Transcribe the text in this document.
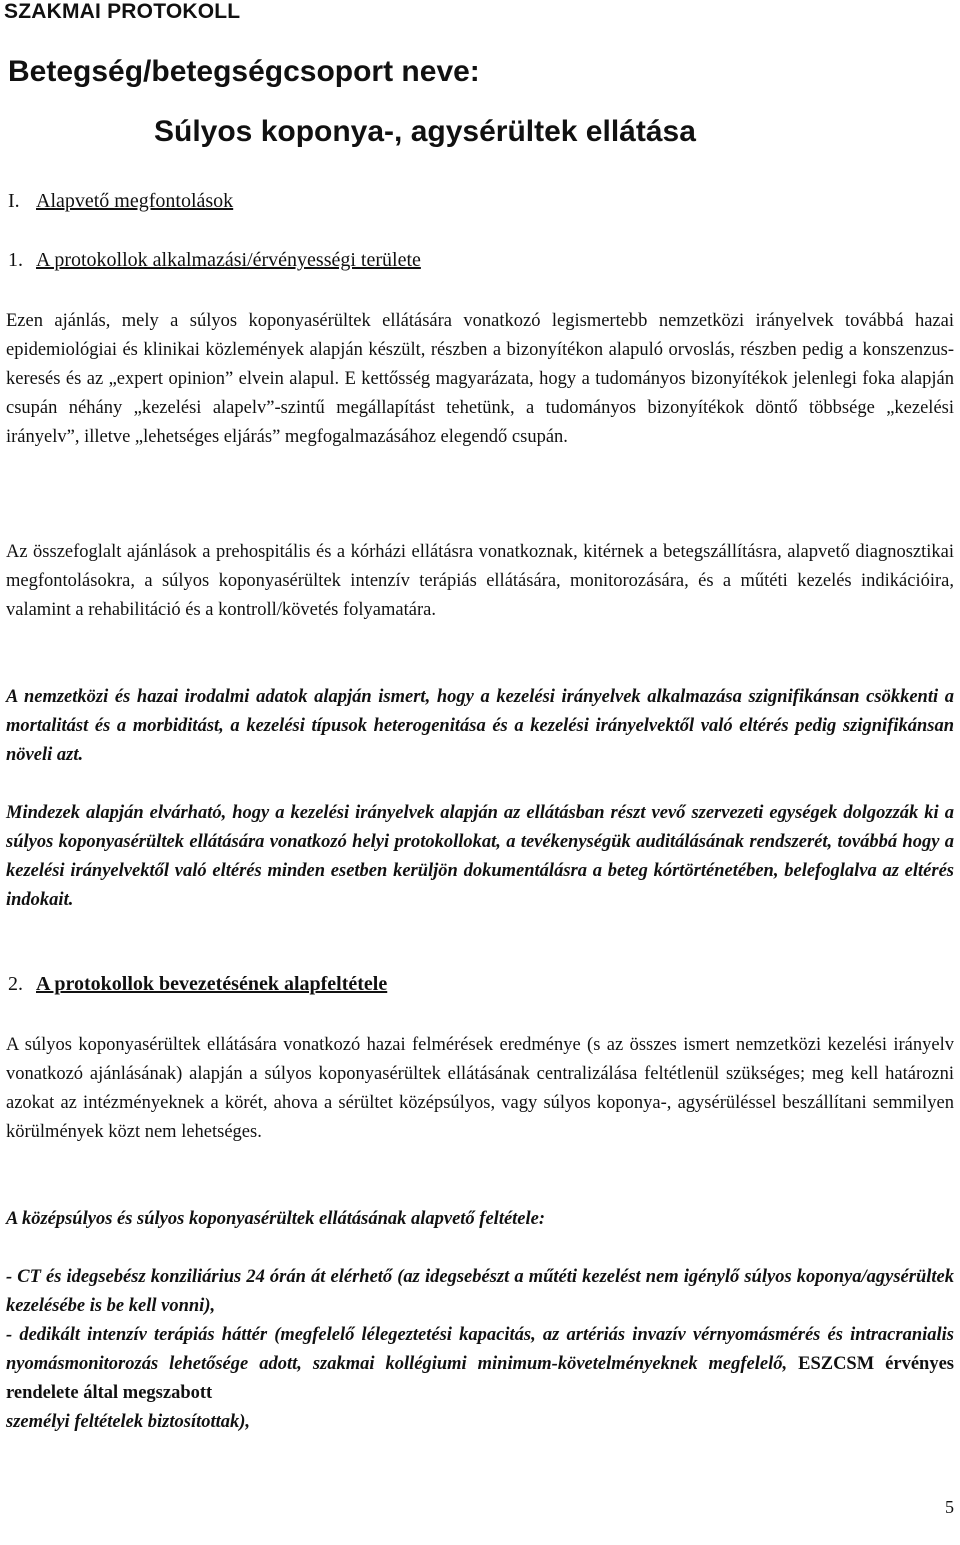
SZAKMAI PROTOKOLL
Betegség/betegségcsoport neve:
Súlyos koponya-, agysérültek ellátása
I. Alapvető megfontolások
1. A protokollok alkalmazási/érvényességi területe
Ezen ajánlás, mely a súlyos koponyasérültek ellátására vonatkozó legismertebb nemzetközi irányelvek továbbá hazai epidemiológiai és klinikai közlemények alapján készült, részben a bizonyítékon alapuló orvoslás, részben pedig a konszenzus-keresés és az „expert opinion” elvein alapul. E kettősség magyarázata, hogy a tudományos bizonyítékok jelenlegi foka alapján csupán néhány „kezelési alapelv”-szintű megállapítást tehetünk, a tudományos bizonyítékok döntő többsége „kezelési irányelv”, illetve „lehetséges eljárás” megfogalmazásához elegendő csupán.
Az összefoglalt ajánlások a prehospitális és a kórházi ellátásra vonatkoznak, kitérnek a betegszállításra, alapvető diagnosztikai megfontolásokra, a súlyos koponyasérültek intenzív terápiás ellátására, monitorozására, és a műtéti kezelés indikációira, valamint a rehabilitáció és a kontroll/követés folyamatára.
A nemzetközi és hazai irodalmi adatok alapján ismert, hogy a kezelési irányelvek alkalmazása szignifikánsan csökkenti a mortalitást és a morbiditást, a kezelési típusok heterogenitása és a kezelési irányelvektől való eltérés pedig szignifikánsan növeli azt.
Mindezek alapján elvárható, hogy a kezelési irányelvek alapján az ellátásban részt vevő szervezeti egységek dolgozzák ki a súlyos koponyasérültek ellátására vonatkozó helyi protokollokat, a tevékenységük auditálásának rendszerét, továbbá hogy a kezelési irányelvektől való eltérés minden esetben kerüljön dokumentálásra a beteg kórtörténetében, belefoglalva az eltérés indokait.
2. A protokollok bevezetésének alapfeltétele
A súlyos koponyasérültek ellátására vonatkozó hazai felmérések eredménye (s az összes ismert nemzetközi kezelési irányelv vonatkozó ajánlásának) alapján a súlyos koponyasérültek ellátásának centralizálása feltétlenül szükséges; meg kell határozni azokat az intézményeknek a körét, ahova a sérültet középsúlyos, vagy súlyos koponya-, agysérüléssel beszállítani semmilyen körülmények közt nem lehetséges.
A középsúlyos és súlyos koponyasérültek ellátásának alapvető feltétele:
- CT és idegsebész konziliárius 24 órán át elérhető (az idegsebészt a műtéti kezelést nem igénylő súlyos koponya/agysérültek kezelésébe is be kell vonni),
- dedikált intenzív terápiás háttér (megfelelő lélegeztetési kapacitás, az artériás invazív vérnyomásmérés és intracranialis nyomásmonitorozás lehetősége adott, szakmai kollégiumi minimum-követelményeknek megfelelő, ESZCSM érvényes rendelete által megszabott
személyi feltételek biztosítottak),
5
